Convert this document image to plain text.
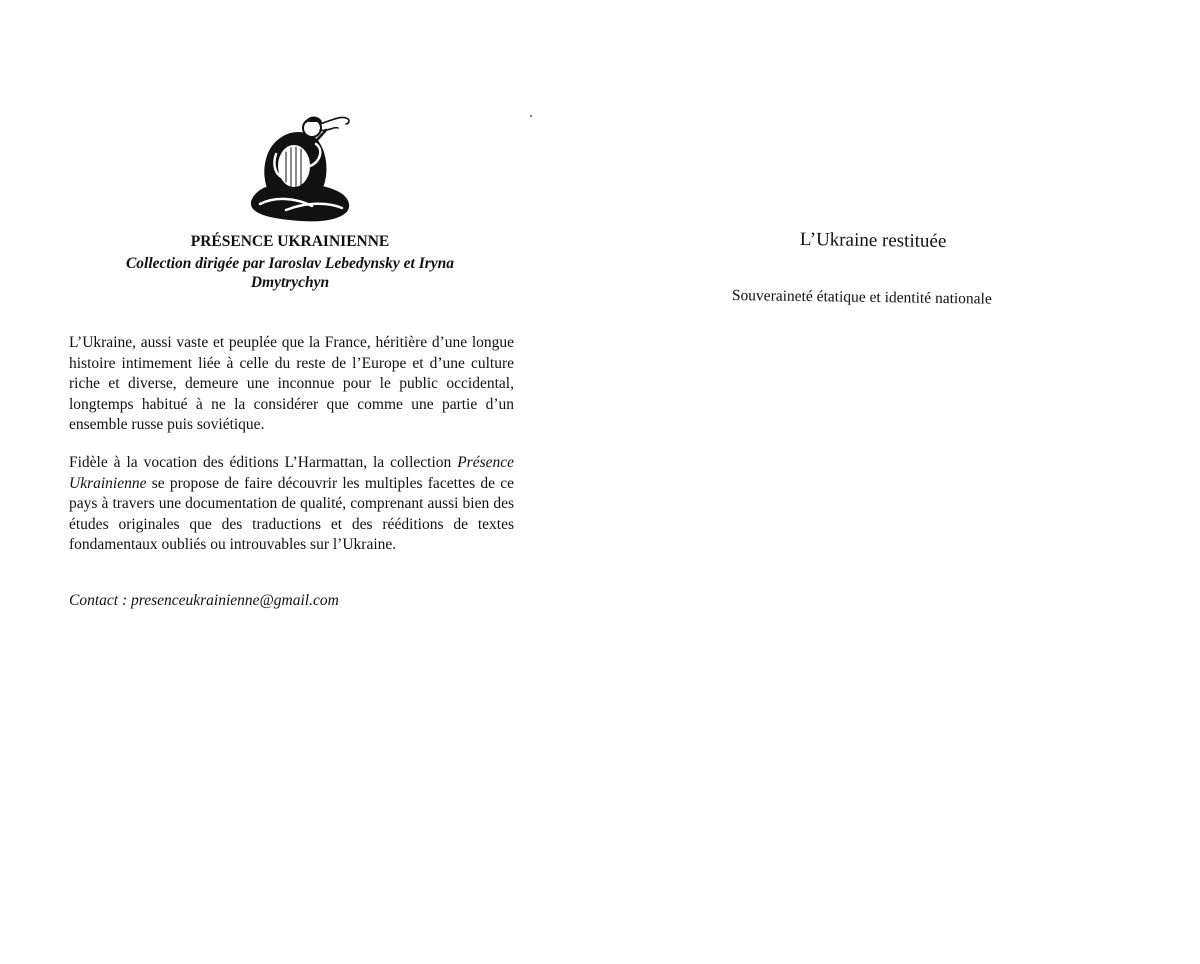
PRÉSENCE UKRAINIENNE
Collection dirigée par Iaroslav Lebedynsky et Iryna Dmytrychyn

L’Ukraine, aussi vaste et peuplée que la France, héritière d’une longue histoire intimement liée à celle du reste de l’Europe et d’une culture riche et diverse, demeure une inconnue pour le public occidental, longtemps habitué à ne la considérer que comme une partie d’un ensemble russe puis soviétique.

Fidèle à la vocation des éditions L’Harmattan, la collection Présence Ukrainienne se propose de faire découvrir les multiples facettes de ce pays à travers une documentation de qualité, comprenant aussi bien des études originales que des traductions et des rééditions de textes fondamentaux oubliés ou introuvables sur l’Ukraine.

Contact : presenceukrainienne@gmail.com
L’Ukraine restituée
Souveraineté étatique et identité nationale
